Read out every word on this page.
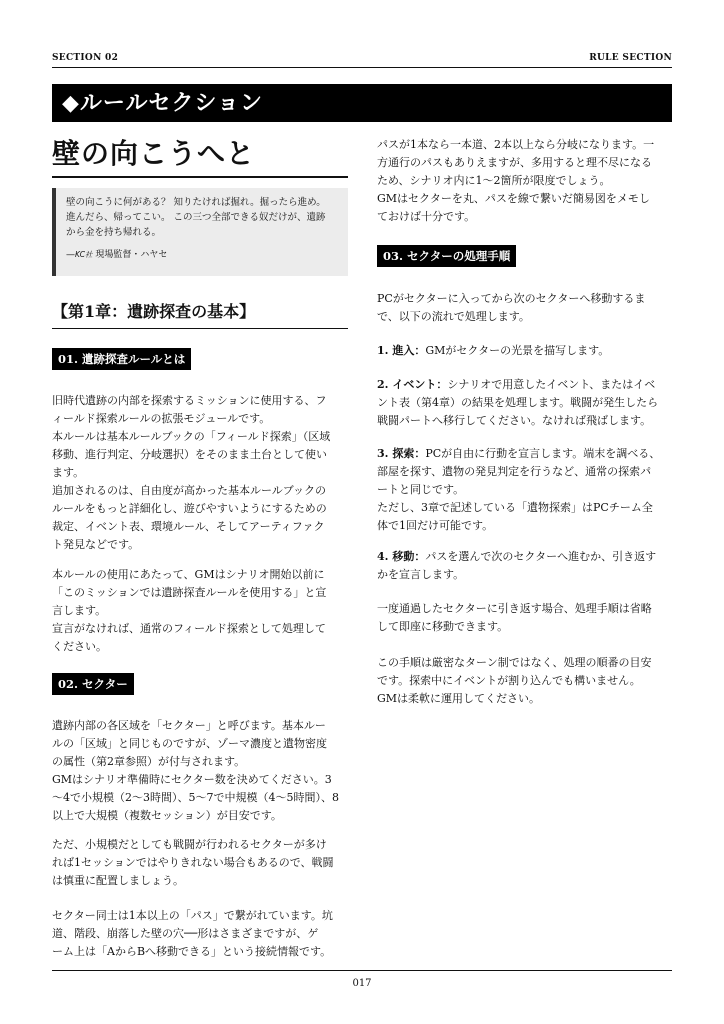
SECTION 02	RULE SECTION
◆ルールセクション
壁の向こうへと
壁の向こうに何がある？ 知りたければ掘れ。掘ったら進め。
進んだら、帰ってこい。 この三つ全部できる奴だけが、遺跡
から金を持ち帰れる。
—KC社 現場監督・ハヤセ
【第1章：遺跡探査の基本】
01. 遺跡探査ルールとは
旧時代遺跡の内部を探索するミッションに使用する、フ
ィールド探索ルールの拡張モジュールです。
本ルールは基本ルールブックの「フィールド探索」（区域
移動、進行判定、分岐選択）をそのまま土台として使い
ます。
追加されるのは、自由度が高かった基本ルールブックの
ルールをもっと詳細化し、遊びやすいようにするための
裁定、イベント表、環境ルール、そしてアーティファク
ト発見などです。
本ルールの使用にあたって、GMはシナリオ開始以前に
「このミッションでは遺跡探査ルールを使用する」と宣
言します。
宣言がなければ、通常のフィールド探索として処理して
ください。
02. セクター
遺跡内部の各区域を「セクター」と呼びます。基本ルー
ルの「区域」と同じものですが、ゾーマ濃度と遺物密度
の属性（第2章参照）が付与されます。
GMはシナリオ準備時にセクター数を決めてください。3
〜4で小規模（2〜3時間）、5〜7で中規模（4〜5時間）、8
以上で大規模（複数セッション）が目安です。
ただ、小規模だとしても戦闘が行われるセクターが多け
れば1セッションではやりきれない場合もあるので、戦闘
は慎重に配置しましょう。
セクター同士は1本以上の「パス」で繋がれています。坑
道、階段、崩落した壁の穴──形はさまざまですが、ゲ
ーム上は「AからBへ移動できる」という接続情報です。
パスが1本なら一本道、2本以上なら分岐になります。一
方通行のパスもありえますが、多用すると理不尽になる
ため、シナリオ内に1〜2箇所が限度でしょう。
GMはセクターを丸、パスを線で繋いだ簡易図をメモし
ておけば十分です。
03. セクターの処理手順
PCがセクターに入ってから次のセクターへ移動するま
で、以下の流れで処理します。
1. 進入：GMがセクターの光景を描写します。
2. イベント：シナリオで用意したイベント、またはイベ
ント表（第4章）の結果を処理します。戦闘が発生したら
戦闘パートへ移行してください。なければ飛ばします。
3. 探索：PCが自由に行動を宣言します。端末を調べる、
部屋を探す、遺物の発見判定を行うなど、通常の探索パ
ートと同じです。
ただし、3章で記述している「遺物探索」はPCチーム全
体で1回だけ可能です。
4. 移動：パスを選んで次のセクターへ進むか、引き返す
かを宣言します。
一度通過したセクターに引き返す場合、処理手順は省略
して即座に移動できます。
この手順は厳密なターン制ではなく、処理の順番の目安
です。探索中にイベントが割り込んでも構いません。
GMは柔軟に運用してください。
017
